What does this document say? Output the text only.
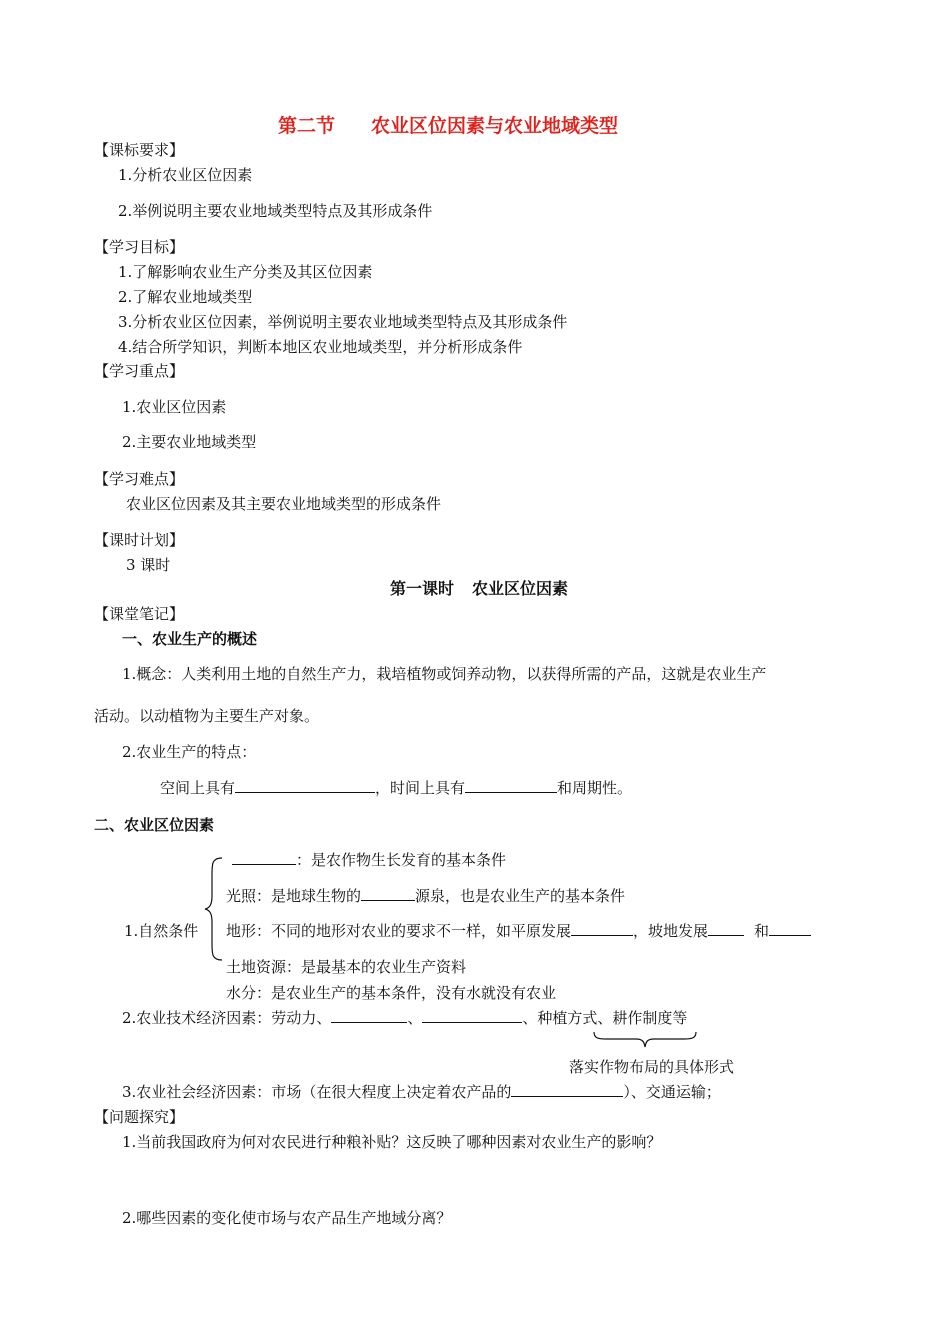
第二节 农业区位因素与农业地域类型
【课标要求】
1.分析农业区位因素
2.举例说明主要农业地域类型特点及其形成条件
【学习目标】
1.了解影响农业生产分类及其区位因素
2.了解农业地域类型
3.分析农业区位因素，举例说明主要农业地域类型特点及其形成条件
4.结合所学知识，判断本地区农业地域类型，并分析形成条件
【学习重点】
1.农业区位因素
2.主要农业地域类型
【学习难点】
农业区位因素及其主要农业地域类型的形成条件
【课时计划】
3 课时
第一课时 农业区位因素
【课堂笔记】
一、农业生产的概述
1.概念：人类利用土地的自然生产力，栽培植物或饲养动物，以获得所需的产品，这就是农业生产
活动。以动植物为主要生产对象。
2.农业生产的特点：
空间上具有	，时间上具有	和周期性。
二、农业区位因素
1.自然条件
：是农作物生长发育的基本条件
光照：是地球生物的	源泉，也是农业生产的基本条件
地形：不同的地形对农业的要求不一样，如平原发展	，坡地发展	和
土地资源：是最基本的农业生产资料
水分：是农业生产的基本条件，没有水就没有农业
2.农业技术经济因素：劳动力、	、	、种植方式、耕作制度等
落实作物布局的具体形式
3.农业社会经济因素：市场（在很大程度上决定着农产品的	）、交通运输；
【问题探究】
1.当前我国政府为何对农民进行种粮补贴？这反映了哪种因素对农业生产的影响？
2.哪些因素的变化使市场与农产品生产地域分离？
